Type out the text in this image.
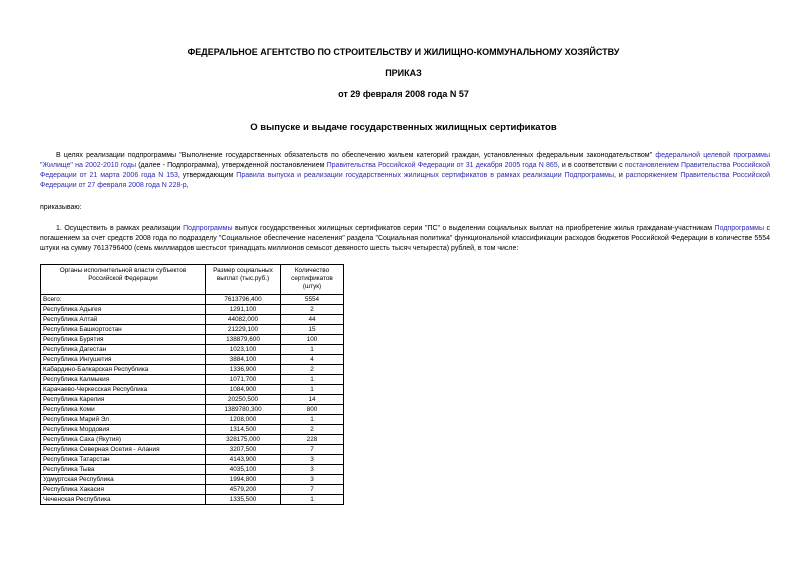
ФЕДЕРАЛЬНОЕ АГЕНТСТВО ПО СТРОИТЕЛЬСТВУ И ЖИЛИЩНО-КОММУНАЛЬНОМУ ХОЗЯЙСТВУ
ПРИКАЗ
от 29 февраля 2008 года N 57
О выпуске и выдаче государственных жилищных сертификатов
В целях реализации подпрограммы "Выполнение государственных обязательств по обеспечению жильем категорий граждан, установленных федеральным законодательством" федеральной целевой программы "Жилище" на 2002-2010 годы (далее - Подпрограмма), утвержденной постановлением Правительства Российской Федерации от 31 декабря 2005 года N 865, и в соответствии с постановлением Правительства Российской Федерации от 21 марта 2006 года N 153, утверждающим Правила выпуска и реализации государственных жилищных сертификатов в рамках реализации Подпрограммы, и распоряжением Правительства Российской Федерации от 27 февраля 2008 года N 228-р,
приказываю:
1. Осуществить в рамках реализации Подпрограммы выпуск государственных жилищных сертификатов серии "ПС" о выделении социальных выплат на приобретение жилья гражданам-участникам Подпрограммы с погашением за счет средств 2008 года по подразделу "Социальное обеспечение населения" раздела "Социальная политика" функциональной классификации расходов бюджетов Российской Федерации в количестве 5554 штуки на сумму 7613796400 (семь миллиардов шестьсот тринадцать миллионов семьсот девяносто шесть тысяч четыреста) рублей, в том числе:
Органы исполнительной власти субъектов Российской Федерации	Размер социальных выплат (тыс.руб.)	Количество сертификатов (штук)
Всего:	7613796,400	5554
Республика Адыгея	1291,100	2
Республика Алтай	44082,000	44
Республика Башкортостан	21229,100	15
Республика Бурятия	138879,600	100
Республика Дагестан	1023,100	1
Республика Ингушетия	3884,100	4
Кабардино-Балкарская Республика	1336,900	2
Республика Калмыкия	1071,700	1
Карачаево-Черкесская Республика	1084,900	1
Республика Карелия	20250,500	14
Республика Коми	1389780,300	800
Республика Марий Эл	1208,000	1
Республика Мордовия	1314,500	2
Республика Саха (Якутия)	328175,000	228
Республика Северная Осетия - Алания	3207,500	7
Республика Татарстан	4143,900	3
Республика Тыва	4035,100	3
Удмуртская Республика	1994,800	3
Республика Хакасия	4579,200	7
Чеченская Республика	1335,500	1
